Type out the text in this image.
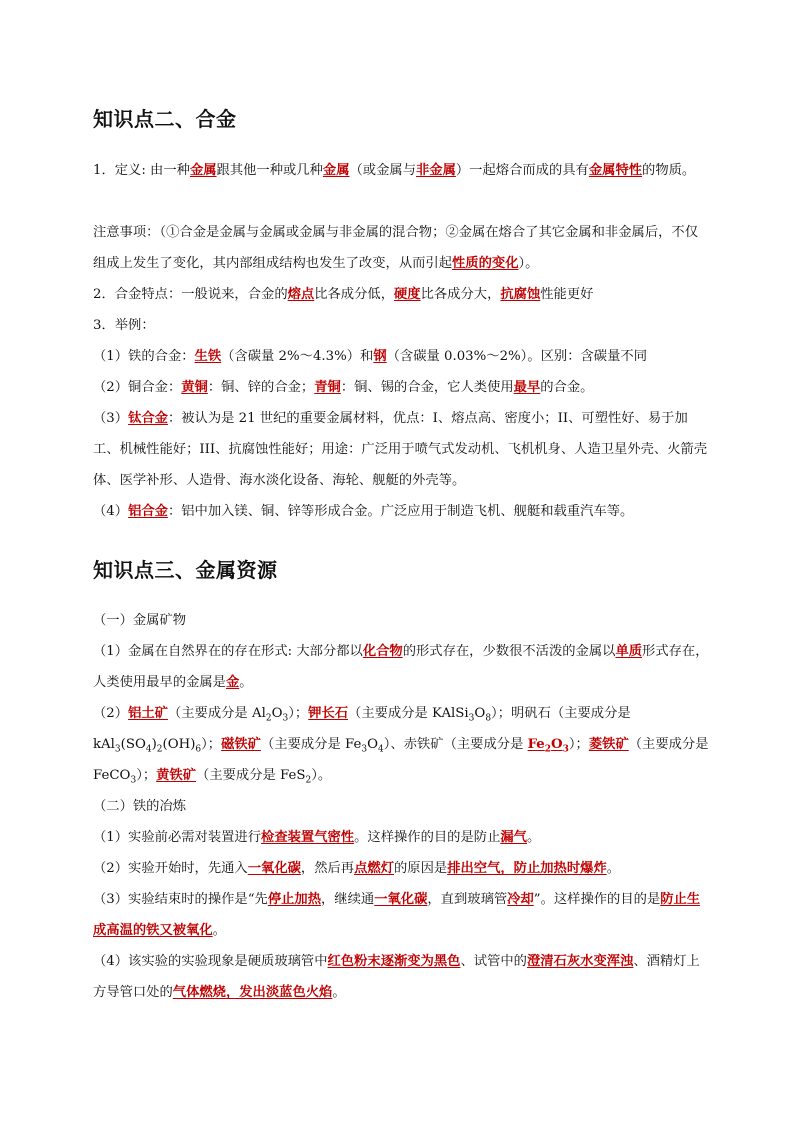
知识点二、合金

1．定义: 由一种金属跟其他一种或几种金属（或金属与非金属）一起熔合而成的具有金属特性的物质。

注意事项：（①合金是金属与金属或金属与非金属的混合物；②金属在熔合了其它金属和非金属后，不仅组成上发生了变化，其内部组成结构也发生了改变，从而引起性质的变化）。

2．合金特点：一般说来，合金的熔点比各成分低，硬度比各成分大，抗腐蚀性能更好

3．举例：

（1）铁的合金：生铁（含碳量 2%～4.3%）和钢（含碳量 0.03%～2%）。区别：含碳量不同

（2）铜合金：黄铜：铜、锌的合金；青铜：铜、锡的合金，它人类使用最早的合金。

（3）钛合金：被认为是 21 世纪的重要金属材料，优点：I、熔点高、密度小；II、可塑性好、易于加工、机械性能好；III、抗腐蚀性能好；用途：广泛用于喷气式发动机、飞机机身、人造卫星外壳、火箭壳体、医学补形、人造骨、海水淡化设备、海轮、舰艇的外壳等。

（4）铝合金：铝中加入镁、铜、锌等形成合金。广泛应用于制造飞机、舰艇和载重汽车等。

知识点三、金属资源

（一）金属矿物

（1）金属在自然界在的存在形式: 大部分都以化合物的形式存在，少数很不活泼的金属以单质形式存在，人类使用最早的金属是金。

（2）铝土矿（主要成分是 $Al_2O_3$）；钾长石（主要成分是 $KAlSi_3O_8$）；明矾石（主要成分是 $kAl_3(SO_4)_2(OH)_6$）；磁铁矿（主要成分是 $Fe_3O_4$）、赤铁矿（主要成分是 $Fe_2O_3$）；菱铁矿（主要成分是 FeCO$_3$）；黄铁矿（主要成分是 FeS$_2$）。

（二）铁的冶炼

（1）实验前必需对装置进行检查装置气密性。这样操作的目的是防止漏气。

（2）实验开始时，先通入一氧化碳，然后再点燃灯的原因是排出空气，防止加热时爆炸。

（3）实验结束时的操作是“先停止加热，继续通一氧化碳，直到玻璃管冷却”。这样操作的目的是防止生成高温的铁又被氧化。

（4）该实验的实验现象是硬质玻璃管中红色粉末逐渐变为黑色、试管中的澄清石灰水变浑浊、酒精灯上方导管口处的气体燃烧，发出淡蓝色火焰。
